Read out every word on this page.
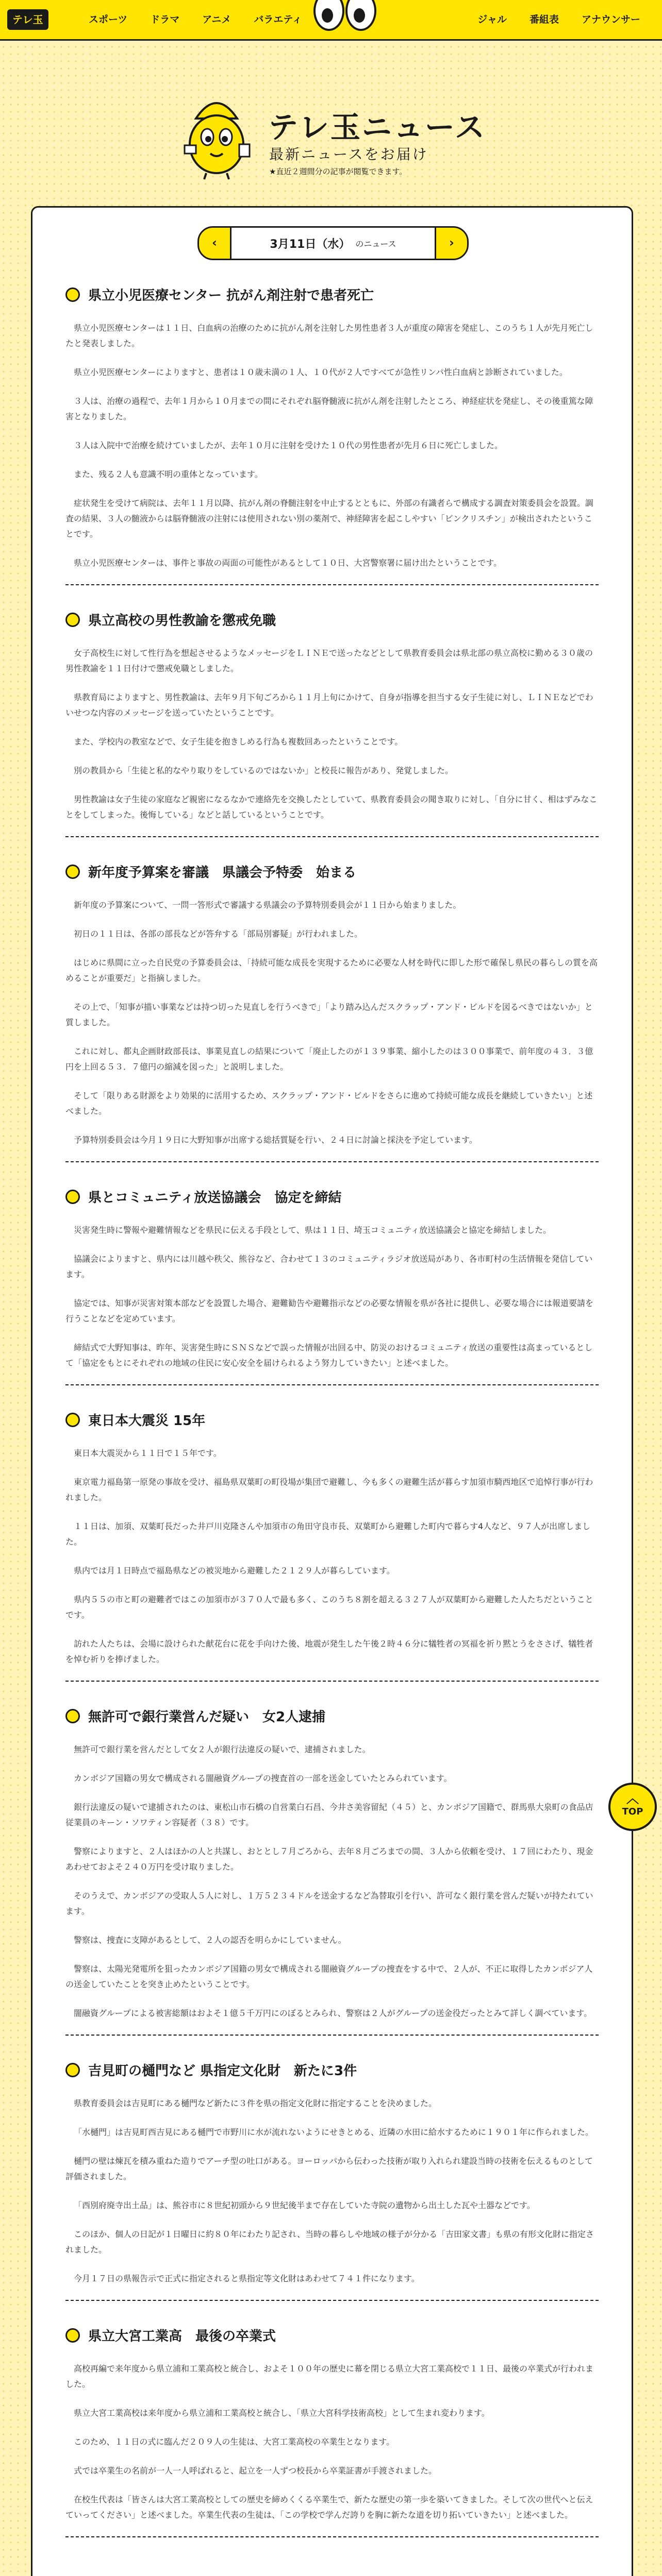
テレ玉	スポーツ	ドラマ	アニメ	バラエティ	ジャル	番組表	アナウンサー
テレ玉ニュース
最新ニュースをお届け
★直近２週間分の記事が閲覧できます。
‹	3月11日（水） のニュース	›
県立小児医療センター 抗がん剤注射で患者死亡

県立小児医療センターは１１日、白血病の治療のために抗がん剤を注射した男性患者３人が重度の障害を発症し、このうち１人が先月死亡したと発表しました。

県立小児医療センターによりますと、患者は１０歳未満の１人、１０代が２人ですべてが急性リンパ性白血病と診断されていました。

３人は、治療の過程で、去年１月から１０月までの間にそれぞれ脳脊髄液に抗がん剤を注射したところ、神経症状を発症し、その後重篤な障害となりました。

３人は入院中で治療を続けていましたが、去年１０月に注射を受けた１０代の男性患者が先月６日に死亡しました。

また、残る２人も意識不明の重体となっています。

症状発生を受けて病院は、去年１１月以降、抗がん剤の脊髄注射を中止するとともに、外部の有識者らで構成する調査対策委員会を設置。調査の結果、３人の髄液からは脳脊髄液の注射には使用されない別の薬剤で、神経障害を起こしやすい「ビンクリスチン」が検出されたということです。

県立小児医療センターは、事件と事故の両面の可能性があるとして１０日、大宮警察署に届け出たということです。

県立高校の男性教諭を懲戒免職

女子高校生に対して性行為を想起させるようなメッセージをＬＩＮＥで送ったなどとして県教育委員会は県北部の県立高校に勤める３０歳の男性教諭を１１日付けで懲戒免職としました。

県教育局によりますと、男性教諭は、去年９月下旬ごろから１１月上旬にかけて、自身が指導を担当する女子生徒に対し、ＬＩＮＥなどでわいせつな内容のメッセージを送っていたということです。

また、学校内の教室などで、女子生徒を抱きしめる行為も複数回あったということです。

別の教員から「生徒と私的なやり取りをしているのではないか」と校長に報告があり、発覚しました。

男性教諭は女子生徒の家庭など親密になるなかで連絡先を交換したとしていて、県教育委員会の聞き取りに対し、「自分に甘く、相はずみなことをしてしまった。後悔している」などと話しているということです。

新年度予算案を審議　県議会予特委　始まる

新年度の予算案について、一問一答形式で審議する県議会の予算特別委員会が１１日から始まりました。

初日の１１日は、各部の部長などが答弁する「部局別審疑」が行われました。

はじめに県間に立った自民党の予算委員会は、「持続可能な成長を実現するために必要な人材を時代に即した形で確保し県民の暮らしの質を高めることが重要だ」と指摘しました。

その上で、「知事が描い事業などは持つ切った見直しを行うべきで」「より踏み込んだスクラップ・アンド・ビルドを図るべきではないか」と質しました。

これに対し、都丸企画財政部長は、事業見直しの結果について「廃止したのが１３９事業、縮小したのは３００事業で、前年度の４３．３億円を上回る５３．７億円の縮減を図った」と説明しました。

そして「限りある財源をより効果的に活用するため、スクラップ・アンド・ビルドをさらに進めて持続可能な成長を継続していきたい」と述べました。

予算特別委員会は今月１９日に大野知事が出席する総括質疑を行い、２４日に討論と採決を予定しています。

県とコミュニティ放送協議会　協定を締結

災害発生時に警報や避難情報などを県民に伝える手段として、県は１１日、埼玉コミュニティ放送協議会と協定を締結しました。

協議会によりますと、県内には川越や秩父、熊谷など、合わせて１３のコミュニティラジオ放送局があり、各市町村の生活情報を発信しています。

協定では、知事が災害対策本部などを設置した場合、避難勧告や避難指示などの必要な情報を県が各社に提供し、必要な場合には報道要請を行うことなどを定めています。

締結式で大野知事は、昨年、災害発生時にＳＮＳなどで誤った情報が出回る中、防災のおけるコミュニティ放送の重要性は高まっているとして「協定をもとにそれぞれの地域の住民に安心安全を届けられるよう努力していきたい」と述べました。

東日本大震災 15年

東日本大震災から１１日で１５年です。

東京電力福島第一原発の事故を受け、福島県双葉町の町役場が集団で避難し、今も多くの避難生活が暮らす加須市騎西地区で追悼行事が行われました。

１１日は、加須、双葉町長だった井戸川克隆さんや加須市の角田守良市長、双葉町から避難した町内で暮らす4人など、９７人が出席しました。

県内では月１日時点で福島県などの被災地から避難した２１２９人が暮らしています。

県内５５の市と町の避難者ではこの加須市が３７０人で最も多く、このうち８割を超える３２７人が双葉町から避難した人たちだということです。

訪れた人たちは、会場に設けられた献花台に花を手向けた後、地震が発生した午後２時４６分に犠牲者の冥福を祈り黙とうをささげ、犠牲者を悼む祈りを捧げました。

無許可で銀行業営んだ疑い　女2人逮捕

無許可で銀行業を営んだとして女２人が銀行法違反の疑いで、逮捕されました。

カンボジア国籍の男女で構成される闇融資グループの捜査首の一部を送金していたとみられています。

銀行法違反の疑いで逮捕されたのは、東松山市石橋の自営業白石昌、今井さ美容留紀（４５）と、カンボジア国籍で、群馬県大泉町の食品店従業員のキーン・ソワティン容疑者（３８）です。

警察によりますと、２人はほかの人と共謀し、おととし７月ごろから、去年８月ごろまでの間、３人から依頼を受け、１７回にわたり、現金あわせておよそ２４０万円を受け取りました。

そのうえで、カンボジアの受取人５人に対し、１万５２３４ドルを送金するなど為替取引を行い、許可なく銀行業を営んだ疑いが持たれています。

警察は、捜査に支障があるとして、２人の認否を明らかにしていません。

警察は、太陽光発電所を狙ったカンボジア国籍の男女で構成される闇融資グループの捜査をする中で、２人が、不正に取得したカンボジア人の送金していたことを突き止めたということです。

闇融資グループによる被害総額はおよそ１億５千万円にのぼるとみられ、警察は２人がグループの送金役だったとみて詳しく調べています。

吉見町の樋門など 県指定文化財　新たに3件

県教育委員会は吉見町にある樋門など新たに３件を県の指定文化財に指定することを決めました。

「水樋門」は吉見町西吉見にある樋門で市野川に水が流れないようにせきとめる、近隣の水田に給水するために１９０１年に作られました。

樋門の壁は煉瓦を積み重ねた造りでアーチ型の吐口がある。ヨーロッパから伝わった技術が取り入れられ建設当時の技術を伝えるものとして評価されました。

「西別府廃寺出土品」は、熊谷市に８世紀初頭から９世紀後半まで存在していた寺院の遺物から出土した瓦や土器などです。

このほか、個人の日記が１日曜日に約８０年にわたり記され、当時の暮らしや地域の様子が分かる「吉田家文書」も県の有形文化財に指定されました。

今月１７日の県報告示で正式に指定されると県指定等文化財はあわせて７４１件になります。

県立大宮工業高　最後の卒業式

高校再編で来年度から県立浦和工業高校と統合し、およそ１００年の歴史に幕を閉じる県立大宮工業高校で１１日、最後の卒業式が行われました。

県立大宮工業高校は来年度から県立浦和工業高校と統合し、「県立大宮科学技術高校」として生まれ変わります。

このため、１１日の式に臨んだ２０９人の生徒は、大宮工業高校の卒業生となります。

式では卒業生の名前が一人一人呼ばれると、起立を一人ずつ校長から卒業証書が手渡されました。

在校生代表は「皆さんは大宮工業高校としての歴史を締めくくる卒業生で、新たな歴史の第一歩を築いてきました。そして次の世代へと伝えていってください」と述べました。卒業生代表の生徒は、「この学校で学んだ誇りを胸に新たな道を切り拓いていきたい」と述べました。

︿
TOP
